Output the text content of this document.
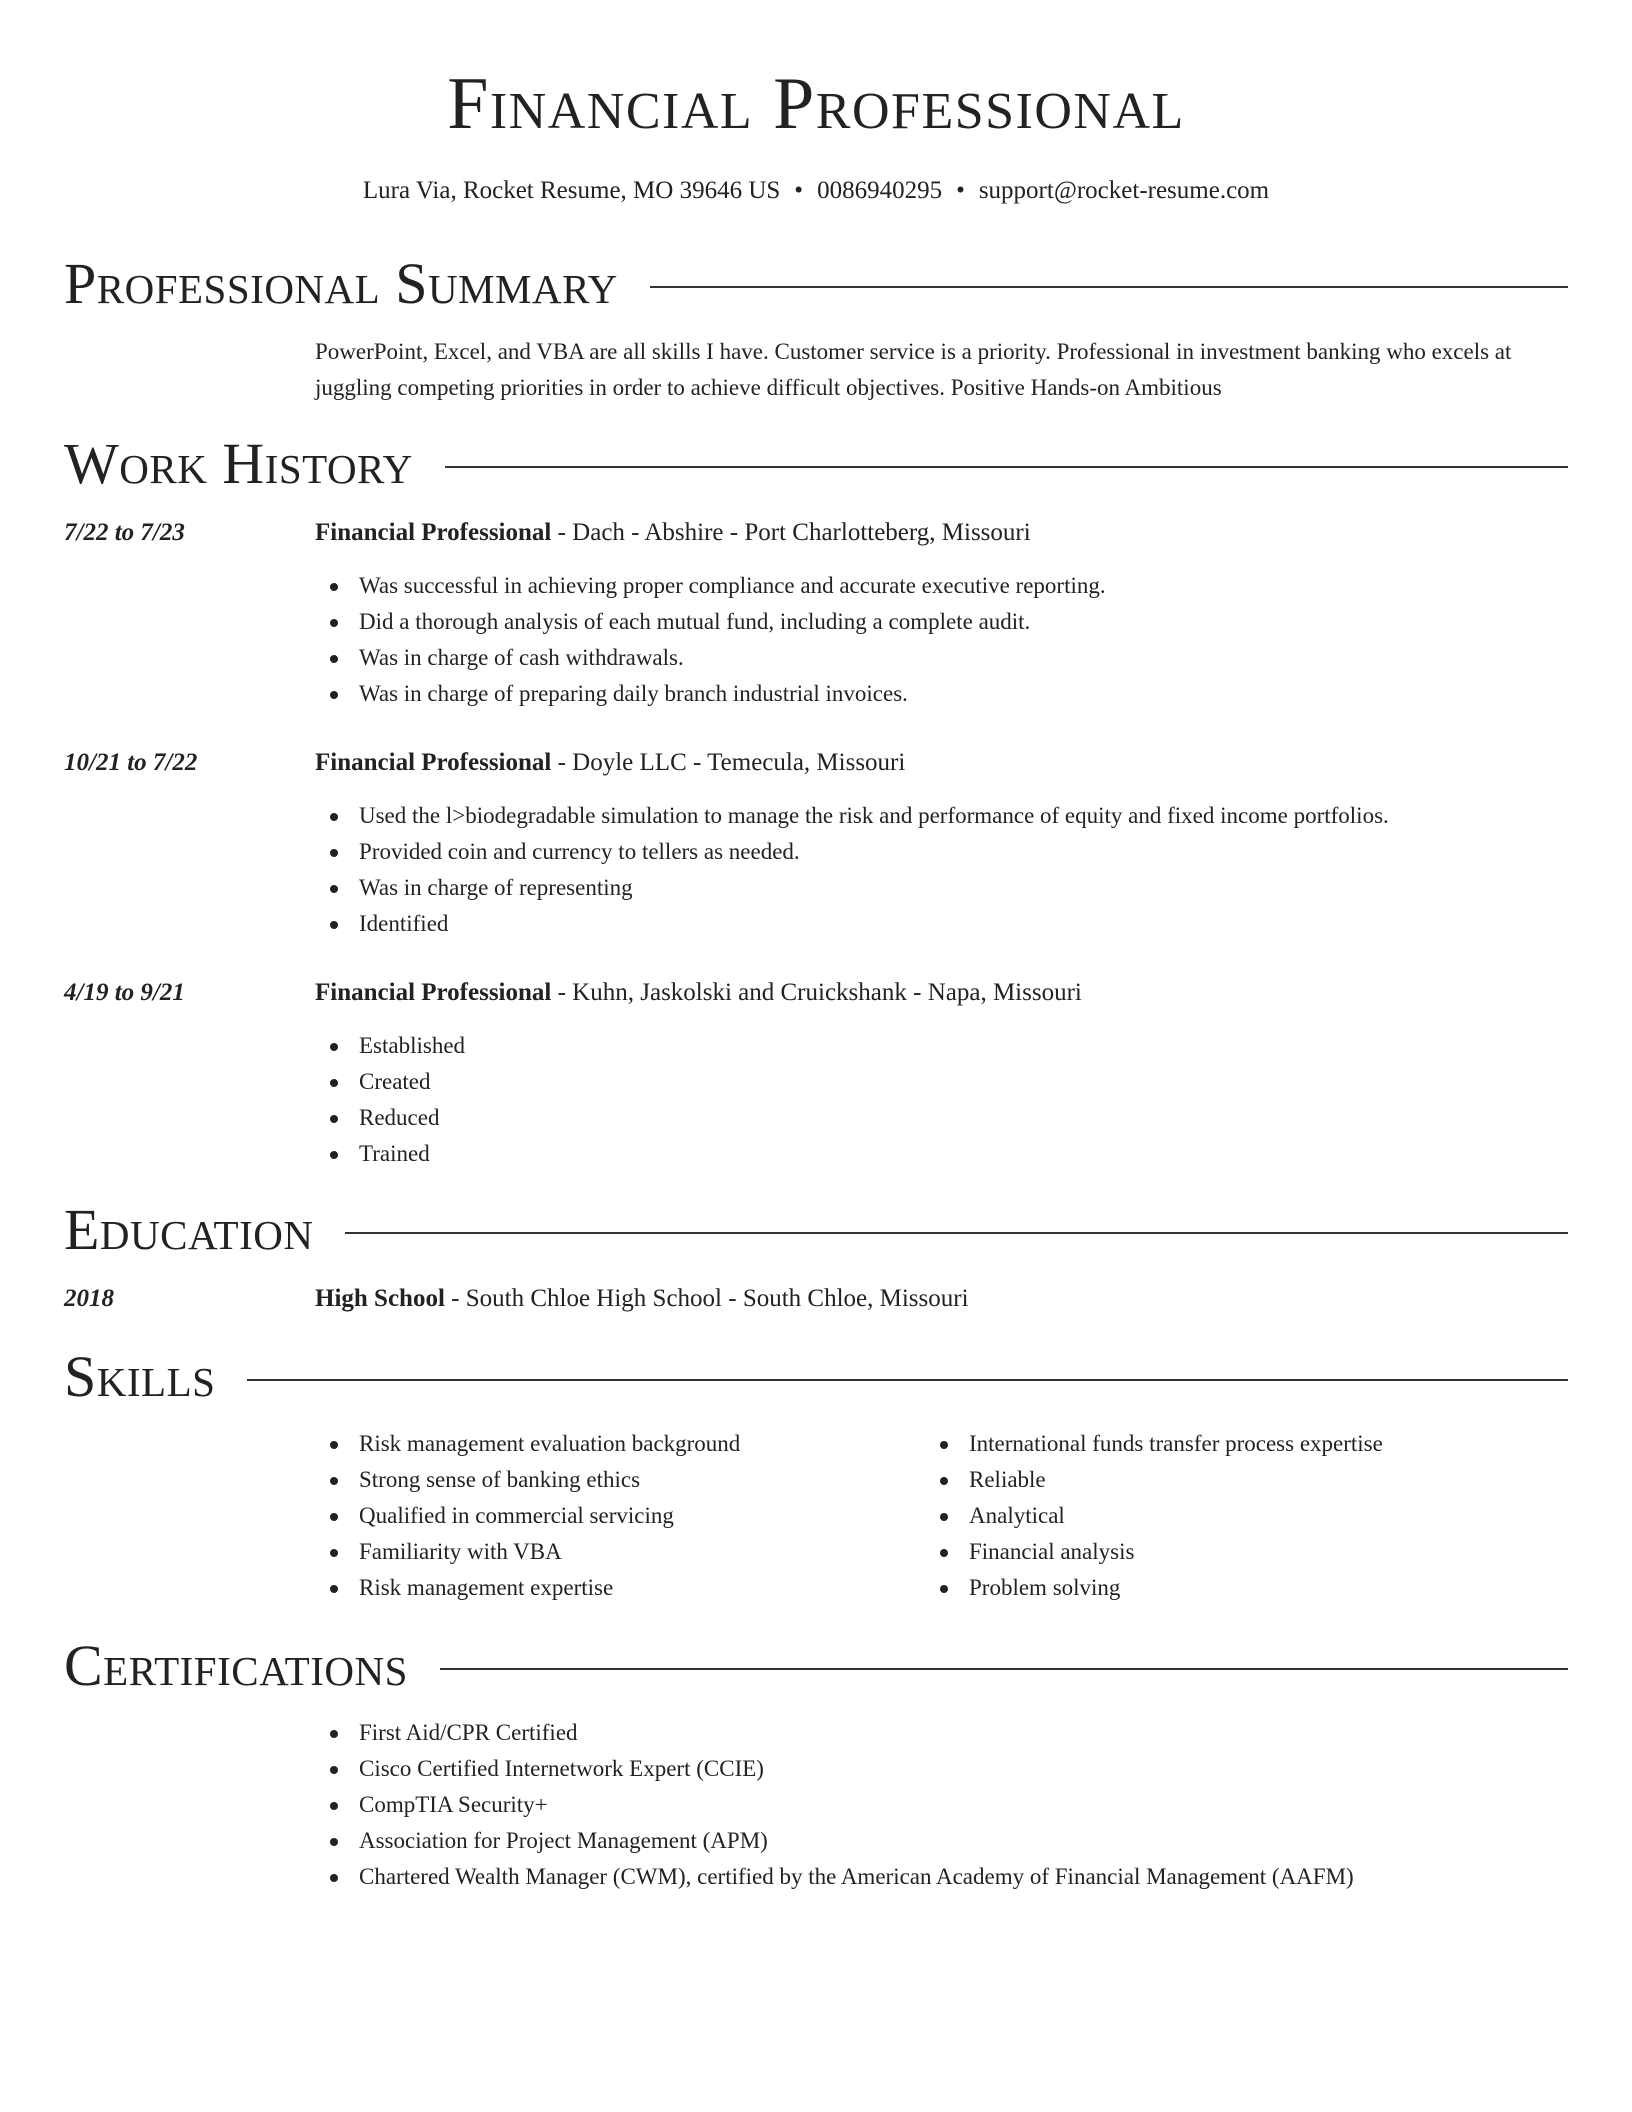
Financial Professional
Lura Via, Rocket Resume, MO 39646 US • 0086940295 • support@rocket-resume.com
Professional Summary
PowerPoint, Excel, and VBA are all skills I have. Customer service is a priority. Professional in investment banking who excels at juggling competing priorities in order to achieve difficult objectives. Positive Hands-on Ambitious
Work History
7/22 to 7/23	Financial Professional - Dach - Abshire - Port Charlotteberg, Missouri
Was successful in achieving proper compliance and accurate executive reporting.
Did a thorough analysis of each mutual fund, including a complete audit.
Was in charge of cash withdrawals.
Was in charge of preparing daily branch industrial invoices.
10/21 to 7/22	Financial Professional - Doyle LLC - Temecula, Missouri
Used the l>biodegradable simulation to manage the risk and performance of equity and fixed income portfolios.
Provided coin and currency to tellers as needed.
Was in charge of representing
Identified
4/19 to 9/21	Financial Professional - Kuhn, Jaskolski and Cruickshank - Napa, Missouri
Established
Created
Reduced
Trained
Education
2018	High School - South Chloe High School - South Chloe, Missouri
Skills
Risk management evaluation background
Strong sense of banking ethics
Qualified in commercial servicing
Familiarity with VBA
Risk management expertise
International funds transfer process expertise
Reliable
Analytical
Financial analysis
Problem solving
Certifications
First Aid/CPR Certified
Cisco Certified Internetwork Expert (CCIE)
CompTIA Security+
Association for Project Management (APM)
Chartered Wealth Manager (CWM), certified by the American Academy of Financial Management (AAFM)
